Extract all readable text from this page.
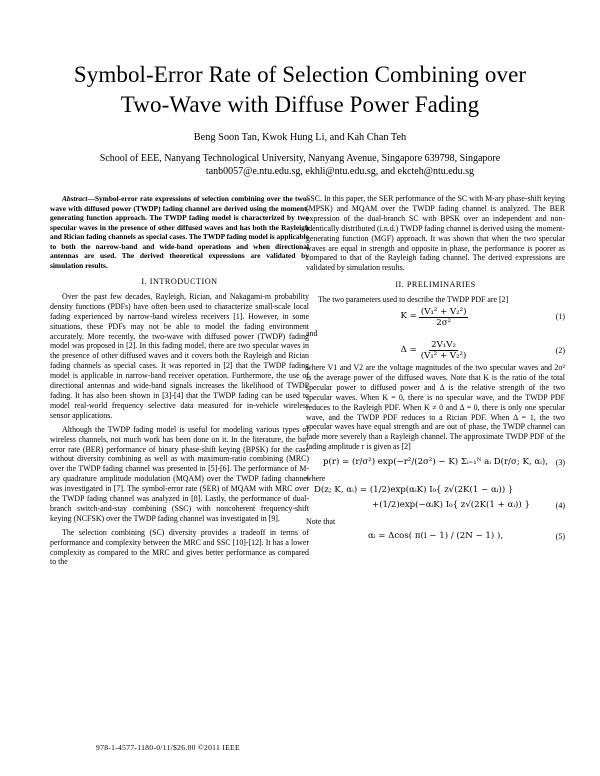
Symbol-Error Rate of Selection Combining over
Two-Wave with Diffuse Power Fading
Beng Soon Tan, Kwok Hung Li, and Kah Chan Teh
School of EEE, Nanyang Technological University, Nanyang Avenue, Singapore 639798, Singapore
tanb0057@e.ntu.edu.sg, ekhli@ntu.edu.sg, and ekcteh@ntu.edu.sg

Abstract—Symbol-error rate expressions of selection combining over the two-wave with diffused power (TWDP) fading channel are derived using the moment-generating function approach. The TWDP fading model is characterized by two specular waves in the presence of other diffused waves and has both the Rayleigh and Rician fading channels as special cases. The TWDP fading model is applicable to both the narrow-band and wide-band operations and when directional antennas are used. The derived theoretical expressions are validated by simulation results.

I. INTRODUCTION

Over the past few decades, Rayleigh, Rician, and Nakagami-m probability density functions (PDFs) have often been used to characterize small-scale local fading experienced by narrow-band wireless receivers [1]. However, in some situations, these PDFs may not be able to model the fading environment accurately. More recently, the two-wave with diffused power (TWDP) fading model was proposed in [2]. In this fading model, there are two specular waves in the presence of other diffused waves and it covers both the Rayleigh and Rician fading channels as special cases. It was reported in [2] that the TWDP fading model is applicable in narrow-band receiver operation. Furthermore, the use of directional antennas and wide-band signals increases the likelihood of TWDP fading. It has also been shown in [3]-[4] that the TWDP fading can be used to model real-world frequency selective data measured for in-vehicle wireless sensor applications.

Although the TWDP fading model is useful for modeling various types of wireless channels, not much work has been done on it. In the literature, the bit-error rate (BER) performance of binary phase-shift keying (BPSK) for the case without diversity combining as well as with maximum-ratio combining (MRC) over the TWDP fading channel was presented in [5]-[6]. The performance of M-ary quadrature amplitude modulation (MQAM) over the TWDP fading channel was investigated in [7]. The symbol-error rate (SER) of MQAM with MRC over the TWDP fading channel was analyzed in [8]. Lastly, the performance of dual-branch switch-and-stay combining (SSC) with noncoherent frequency-shift keying (NCFSK) over the TWDP fading channel was investigated in [9].

The selection combining (SC) diversity provides a tradeoff in terms of performance and complexity between the MRC and SSC [10]-[12]. It has a lower complexity as compared to the MRC and gives better performance as compared to the

SSC. In this paper, the SER performance of the SC with M-ary phase-shift keying (MPSK) and MQAM over the TWDP fading channel is analyzed. The BER expression of the dual-branch SC with BPSK over an independent and non-identically distributed (i.n.d.) TWDP fading channel is derived using the moment-generating function (MGF) approach. It was shown that when the two specular waves are equal in strength and opposite in phase, the performance is poorer as compared to that of the Rayleigh fading channel. The derived expressions are validated by simulation results.

II. PRELIMINARIES

The two parameters used to describe the TWDP PDF are [2]

$K = \frac{\text{(V₁² + V₂²)}}{\text{2σ²}}$	(1)

and

$\Delta = \frac{\text{2V₁V₂}}{\text{(V₁² + V₂²)}}$	(2)

where V1 and V2 are the voltage magnitudes of the two specular waves and 2σ² is the average power of the diffused waves. Note that K is the ratio of the total specular power to diffused power and Δ is the relative strength of the two specular waves. When K = 0, there is no specular wave, and the TWDP PDF reduces to the Rayleigh PDF. When K ≠ 0 and Δ = 0, there is only one specular wave, and the TWDP PDF reduces to a Rician PDF. When Δ = 1, the two specular waves have equal strength and are out of phase, the TWDP channel can fade more severely than a Rayleigh channel. The approximate TWDP PDF of the fading amplitude r is given as [2]

p(r) = (r/σ²) exp(−r²/(2σ²) − K) Σᵢ₌₁ᴺ aᵢ D(r/σ; K, αᵢ), (3)

where

D(z; K, αᵢ) = (1/2)exp(αᵢK) I₀{ z√(2K(1 − αᵢ)) }
+(1/2)exp(−αᵢK) I₀{ z√(2K(1 + αᵢ)) }	(4)

Note that

αᵢ = Δcos( π(i − 1) / (2N − 1) ),	(5)
978-1-4577-1180-0/11/$26.00 ©2011 IEEE
